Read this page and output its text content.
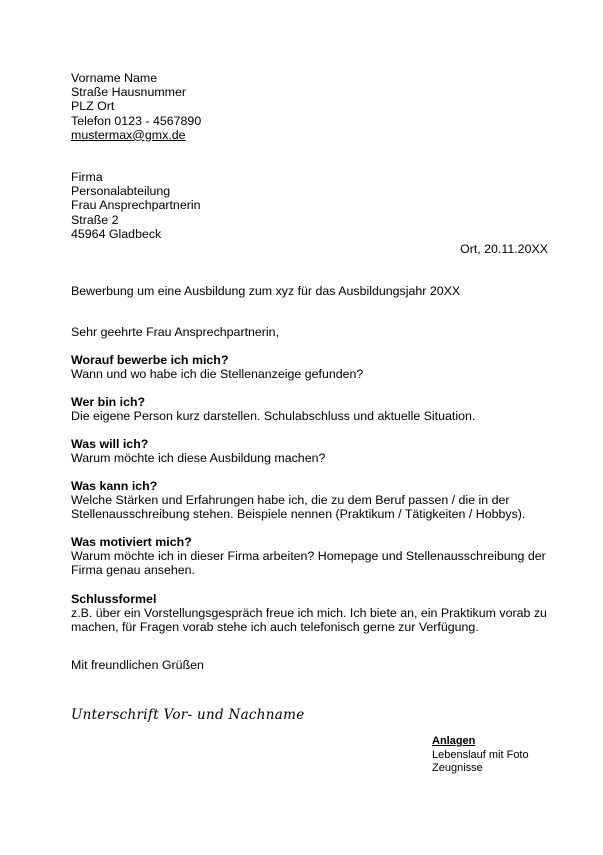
Vorname Name
Straße Hausnummer
PLZ Ort
Telefon 0123 - 4567890
mustermax@gmx.de
Firma
Personalabteilung
Frau Ansprechpartnerin
Straße 2
45964 Gladbeck
Ort, 20.11.20XX
Bewerbung um eine Ausbildung zum xyz für das Ausbildungsjahr 20XX
Sehr geehrte Frau Ansprechpartnerin,
Worauf bewerbe ich mich?
Wann und wo habe ich die Stellenanzeige gefunden?
Wer bin ich?
Die eigene Person kurz darstellen. Schulabschluss und aktuelle Situation.
Was will ich?
Warum möchte ich diese Ausbildung machen?
Was kann ich?
Welche Stärken und Erfahrungen habe ich, die zu dem Beruf passen / die in der
Stellenausschreibung stehen. Beispiele nennen (Praktikum / Tätigkeiten / Hobbys).
Was motiviert mich?
Warum möchte ich in dieser Firma arbeiten? Homepage und Stellenausschreibung der
Firma genau ansehen.
Schlussformel
z.B. über ein Vorstellungsgespräch freue ich mich. Ich biete an, ein Praktikum vorab zu
machen, für Fragen vorab stehe ich auch telefonisch gerne zur Verfügung.
Mit freundlichen Grüßen
Unterschrift Vor- und Nachname
Anlagen
Lebenslauf mit Foto
Zeugnisse
